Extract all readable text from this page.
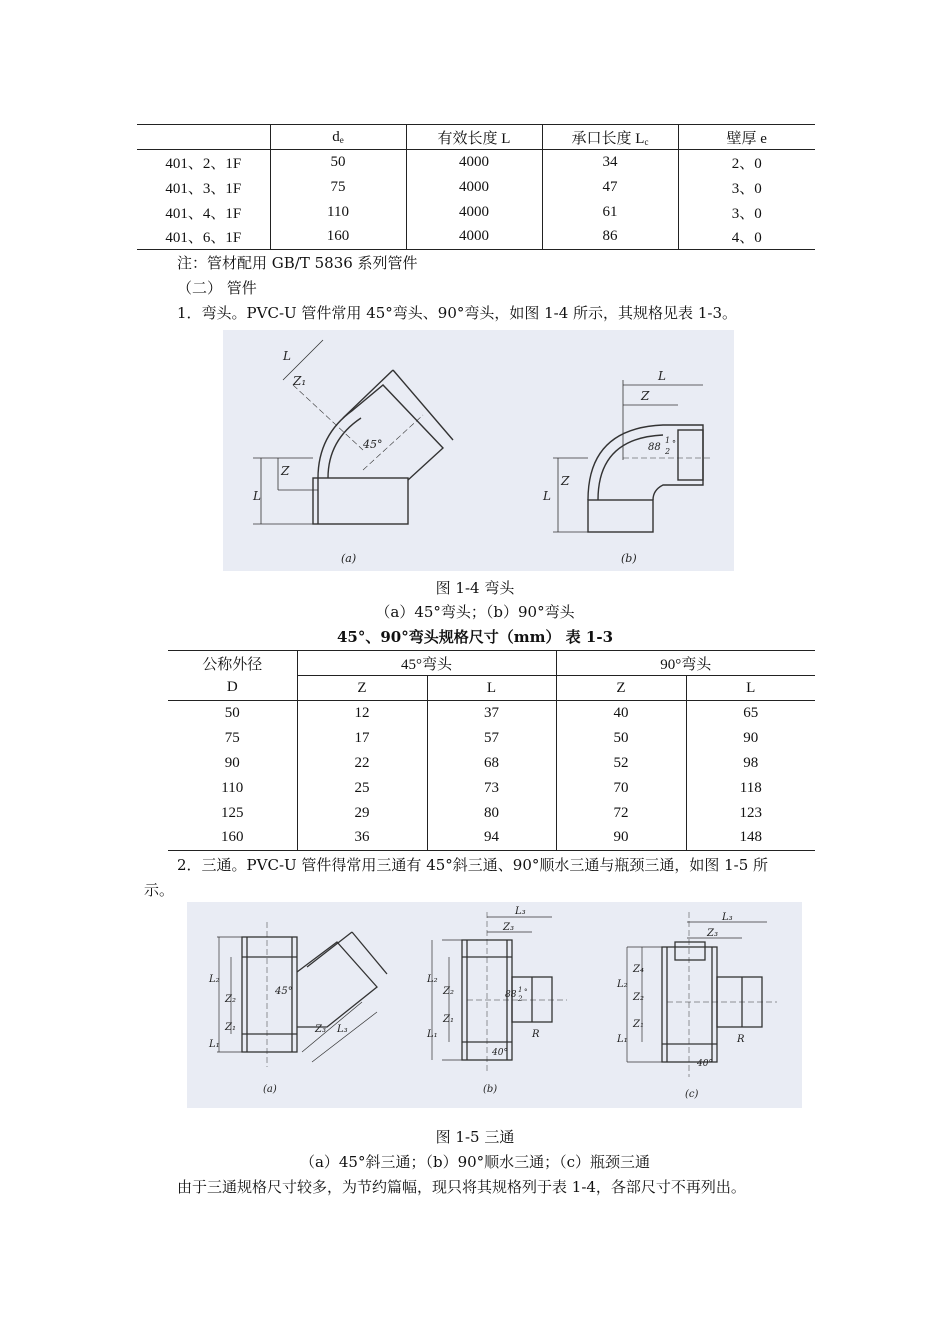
	$d_e$	有效长度 L	承口长度 $L_c$	壁厚 e
401、2、1F	50	4000	34	2、0
401、3、1F	75	4000	47	3、0
401、4、1F	110	4000	61	3、0
401、6、1F	160	4000	86	4、0
注：管材配用 GB/T 5836 系列管件
（二） 管件
1．弯头。PVC-U 管件常用 45°弯头、90°弯头，如图 1-4 所示，其规格见表 1-3。
45°
L
Z₁
Z
L
(a)
88
1
2
°
L
Z
L
Z
(b)
图 1-4 弯头
（a）45°弯头；（b）90°弯头
45°、90°弯头规格尺寸（mm） 表 1-3
公称外径	45°弯头		90°弯头	
D	Z	L	Z	L
50	12	37	40	65
75	17	57	50	90
90	22	68	52	98
110	25	73	70	118
125	29	80	72	123
160	36	94	90	148
2．三通。PVC-U 管件得常用三通有 45°斜三通、90°顺水三通与瓶颈三通，如图 1-5 所
示。
45°
L₂
Z₂
Z₁
L₁
Z₃ L₃
(a)
L₃
Z₃
L₂
Z₂
Z₁
L₁
88 1
2
°
R
40°
(b)
L₃
Z₃
Z₄
L₂
Z₂
Z₁
L₁	R
40°
(c)
图 1-5 三通
（a）45°斜三通；（b）90°顺水三通；（c）瓶颈三通
由于三通规格尺寸较多，为节约篇幅，现只将其规格列于表 1-4，各部尺寸不再列出。
